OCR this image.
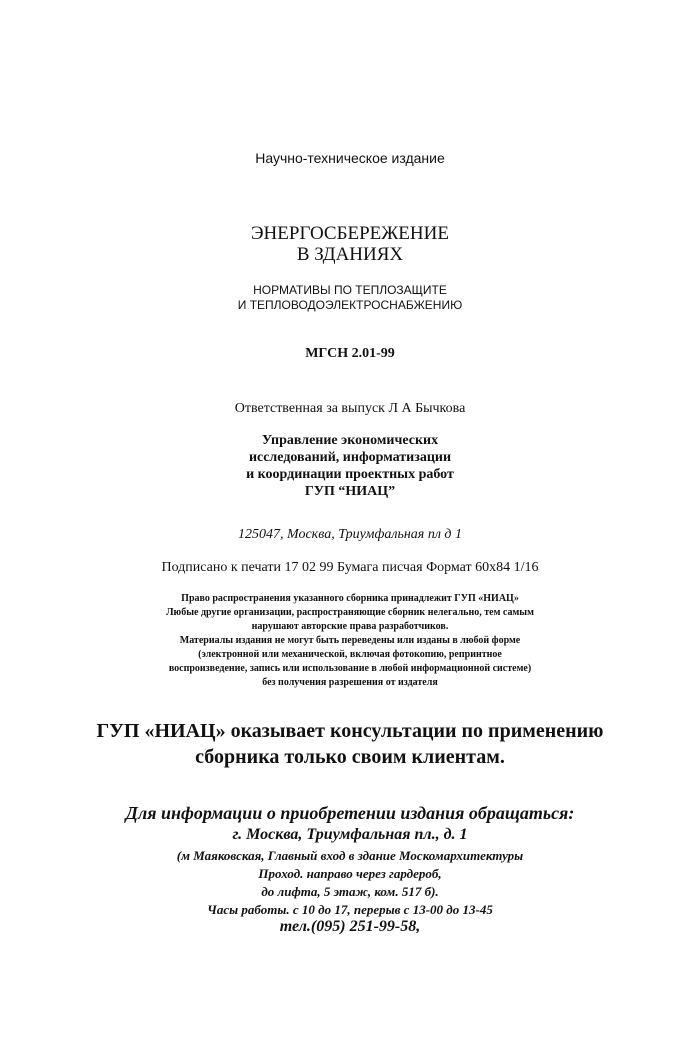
Научно-техническое издание
ЭНЕРГОСБЕРЕЖЕНИЕ
В ЗДАНИЯХ
НОРМАТИВЫ ПО ТЕПЛОЗАЩИТЕ
И ТЕПЛОВОДОЭЛЕКТРОСНАБЖЕНИЮ
МГСН 2.01-99
Ответственная за выпуск Л А Бычкова
Управление экономических
исследований, информатизации
и координации проектных работ
ГУП “НИАЦ”
125047, Москва, Триумфальная пл д 1
Подписано к печати 17 02 99 Бумага писчая Формат 60х84 1/16
Право распространения указанного сборника принадлежит ГУП «НИАЦ»
Любые другие организации, распространяющие сборник нелегально, тем самым
нарушают авторские права разработчиков.
Материалы издания не могут быть переведены или изданы в любой форме
(электронной или механической, включая фотокопию, репринтное
воспроизведение, запись или использование в любой информационной системе)
без получения разрешения от издателя
ГУП «НИАЦ» оказывает консультации по применению
сборника только своим клиентам.
Для информации о приобретении издания обращаться:
г. Москва, Триумфальная пл., д. 1
(м Маяковская, Главный вход в здание Москомархитектуры
Проход. направо через гардероб,
до лифта, 5 этаж, ком. 517 б).
Часы работы. с 10 до 17, перерыв с 13-00 до 13-45
тел.(095) 251-99-58,
